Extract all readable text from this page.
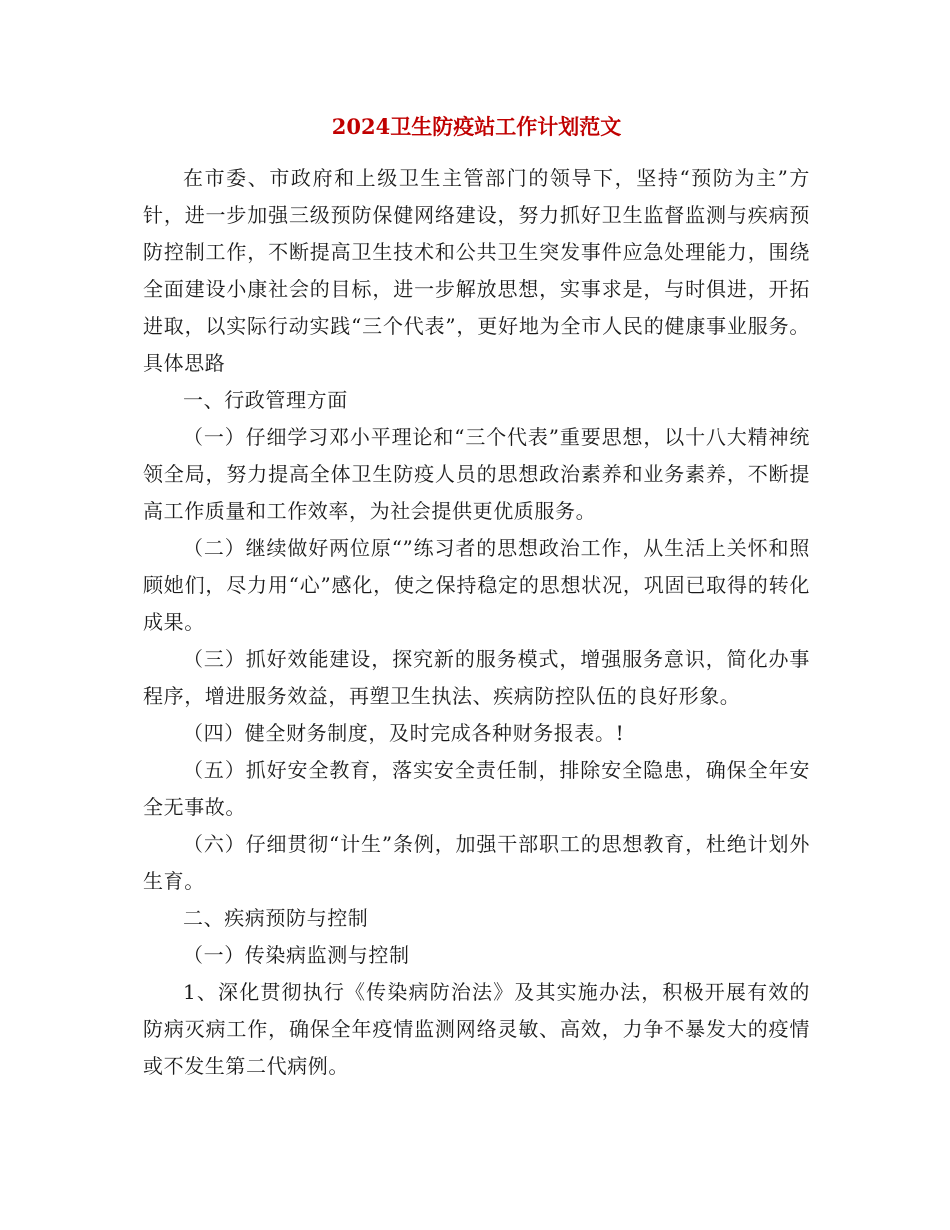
2024卫生防疫站工作计划范文

在市委、市政府和上级卫生主管部门的领导下，坚持“预防为主”方针，进一步加强三级预防保健网络建设，努力抓好卫生监督监测与疾病预防控制工作，不断提高卫生技术和公共卫生突发事件应急处理能力，围绕全面建设小康社会的目标，进一步解放思想，实事求是，与时俱进，开拓进取，以实际行动实践“三个代表”，更好地为全市人民的健康事业服务。具体思路

一、行政管理方面

（一）仔细学习邓小平理论和“三个代表”重要思想，以十八大精神统领全局，努力提高全体卫生防疫人员的思想政治素养和业务素养，不断提高工作质量和工作效率，为社会提供更优质服务。

（二）继续做好两位原“”练习者的思想政治工作，从生活上关怀和照顾她们，尽力用“心”感化，使之保持稳定的思想状况，巩固已取得的转化成果。

（三）抓好效能建设，探究新的服务模式，增强服务意识，简化办事程序，增进服务效益，再塑卫生执法、疾病防控队伍的良好形象。

（四）健全财务制度，及时完成各种财务报表。!

（五）抓好安全教育，落实安全责任制，排除安全隐患，确保全年安全无事故。

（六）仔细贯彻“计生”条例，加强干部职工的思想教育，杜绝计划外生育。

二、疾病预防与控制

（一）传染病监测与控制

1、深化贯彻执行《传染病防治法》及其实施办法，积极开展有效的防病灭病工作，确保全年疫情监测网络灵敏、高效，力争不暴发大的疫情或不发生第二代病例。
